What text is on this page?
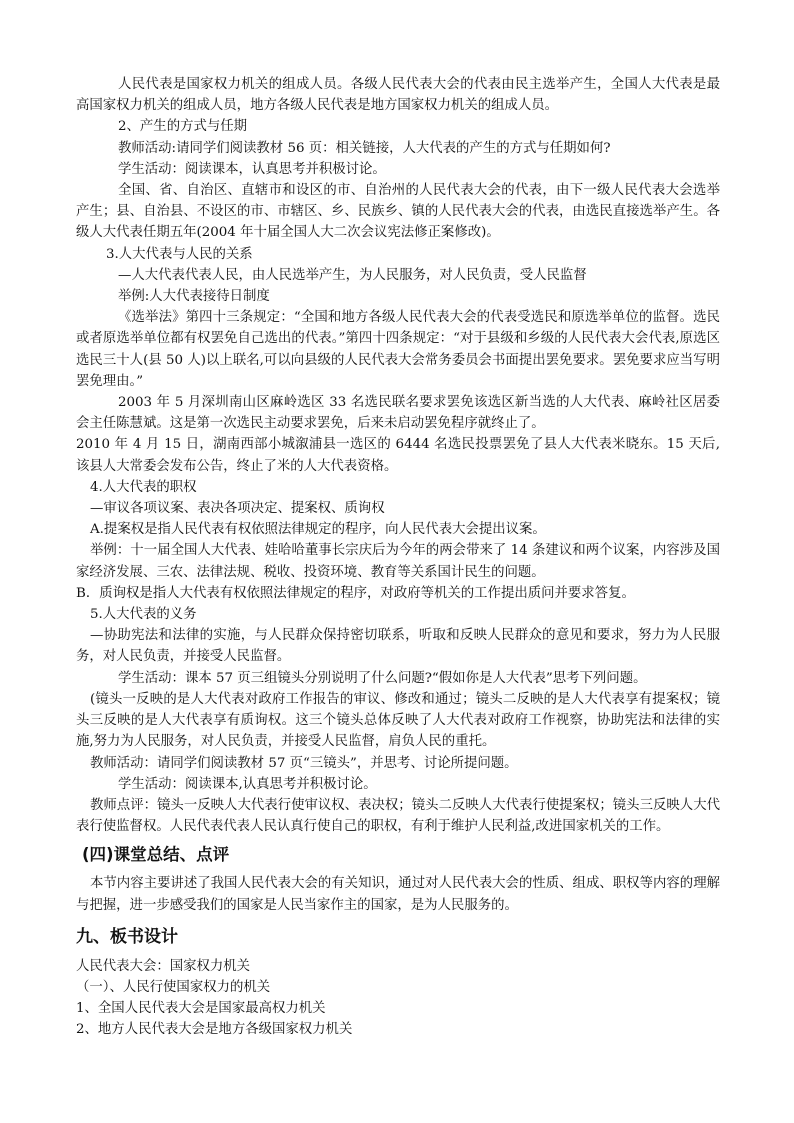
人民代表是国家权力机关的组成人员。各级人民代表大会的代表由民主选举产生，全国人大代表是最高国家权力机关的组成人员，地方各级人民代表是地方国家权力机关的组成人员。

2、产生的方式与任期

教师活动:请同学们阅读教材 56 页：相关链接，人大代表的产生的方式与任期如何?

学生活动：阅读课本，认真思考并积极讨论。

全国、省、自治区、直辖市和设区的市、自治州的人民代表大会的代表，由下一级人民代表大会选举产生；县、自治县、不设区的市、市辖区、乡、民族乡、镇的人民代表大会的代表，由选民直接选举产生。各级人大代表任期五年(2004 年十届全国人大二次会议宪法修正案修改)。

3.人大代表与人民的关系

—人大代表代表人民，由人民选举产生，为人民服务，对人民负责，受人民监督

举例:人大代表接待日制度

《选举法》第四十三条规定：“全国和地方各级人民代表大会的代表受选民和原选举单位的监督。选民或者原选举单位都有权罢免自己选出的代表。”第四十四条规定：“对于县级和乡级的人民代表大会代表,原选区选民三十人(县 50 人)以上联名,可以向县级的人民代表大会常务委员会书面提出罢免要求。罢免要求应当写明罢免理由。”

2003 年 5 月深圳南山区麻岭选区 33 名选民联名要求罢免该选区新当选的人大代表、麻岭社区居委会主任陈慧斌。这是第一次选民主动要求罢免，后来未启动罢免程序就终止了。

2010 年 4 月 15 日，湖南西部小城溆浦县一选区的 6444 名选民投票罢免了县人大代表米晓东。15 天后,该县人大常委会发布公告，终止了米的人大代表资格。

4.人大代表的职权

—审议各项议案、表决各项决定、提案权、质询权

A.提案权是指人民代表有权依照法律规定的程序，向人民代表大会提出议案。

举例：十一届全国人大代表、娃哈哈董事长宗庆后为今年的两会带来了 14 条建议和两个议案，内容涉及国家经济发展、三农、法律法规、税收、投资环境、教育等关系国计民生的问题。

B．质询权是指人大代表有权依照法律规定的程序，对政府等机关的工作提出质问并要求答复。

5.人大代表的义务

—协助宪法和法律的实施，与人民群众保持密切联系，听取和反映人民群众的意见和要求，努力为人民服务，对人民负责，并接受人民监督。

学生活动：课本 57 页三组镜头分别说明了什么问题?“假如你是人大代表”思考下列问题。

(镜头一反映的是人大代表对政府工作报告的审议、修改和通过；镜头二反映的是人大代表享有提案权；镜头三反映的是人大代表享有质询权。这三个镜头总体反映了人大代表对政府工作视察，协助宪法和法律的实施,努力为人民服务，对人民负责，并接受人民监督，肩负人民的重托。

教师活动：请同学们阅读教材 57 页“三镜头”，并思考、讨论所提问题。

学生活动：阅读课本,认真思考并积极讨论。

教师点评：镜头一反映人大代表行使审议权、表决权；镜头二反映人大代表行使提案权；镜头三反映人大代表行使监督权。人民代表代表人民认真行使自己的职权，有利于维护人民利益,改进国家机关的工作。

(四)课堂总结、点评

本节内容主要讲述了我国人民代表大会的有关知识，通过对人民代表大会的性质、组成、职权等内容的理解与把握，进一步感受我们的国家是人民当家作主的国家，是为人民服务的。

九、板书设计

人民代表大会：国家权力机关

（一）、人民行使国家权力的机关

1、全国人民代表大会是国家最高权力机关

2、地方人民代表大会是地方各级国家权力机关
